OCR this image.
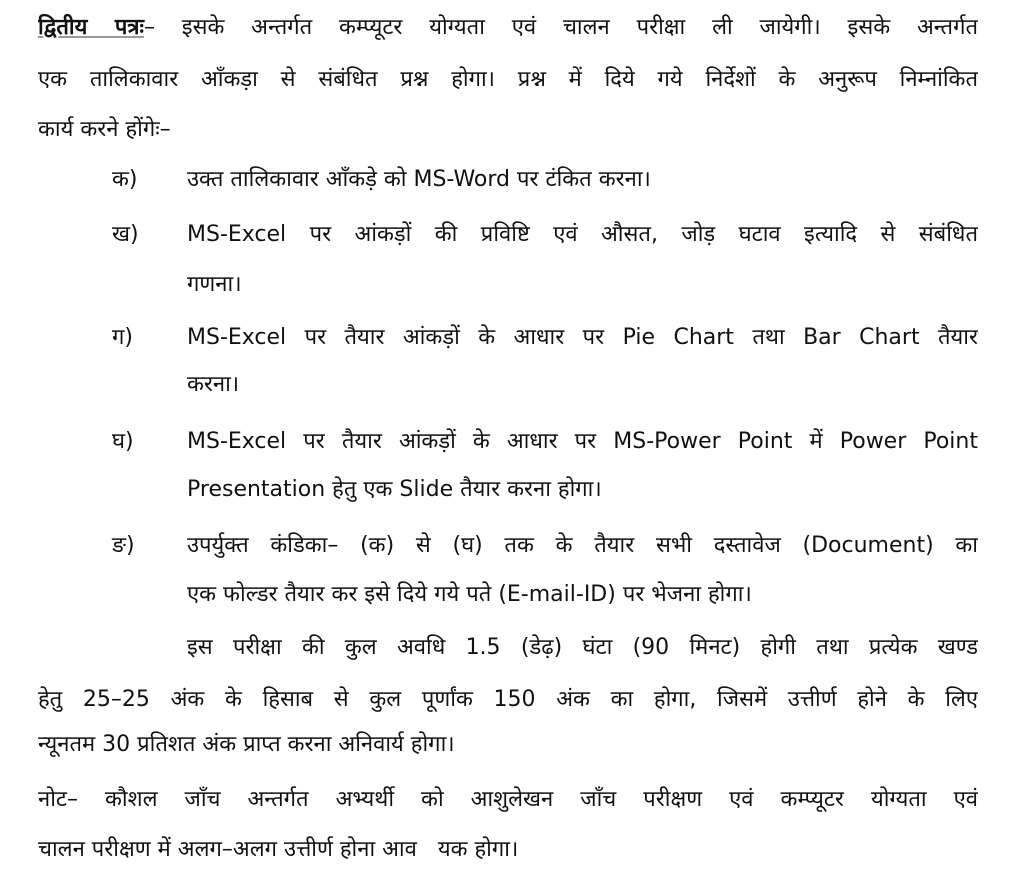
द्वितीय पत्रः– इसके अन्तर्गत कम्प्यूटर योग्यता एवं चालन परीक्षा ली जायेगी। इसके अन्तर्गत
एक तालिकावार आँकड़ा से संबंधित प्रश्न होगा। प्रश्न में दिये गये निर्देशों के अनुरूप निम्नांकित
कार्य करने होंगेः–
क) उक्त तालिकावार आँकड़े को MS-Word पर टंकित करना।
ख) MS-Excel पर आंकड़ों की प्रविष्टि एवं औसत, जोड़ घटाव इत्यादि से संबंधित
गणना।
ग) MS-Excel पर तैयार आंकड़ों के आधार पर Pie Chart तथा Bar Chart तैयार
करना।
घ) MS-Excel पर तैयार आंकड़ों के आधार पर MS-Power Point में Power Point
Presentation हेतु एक Slide तैयार करना होगा।
ङ) उपर्युक्त कंडिका– (क) से (घ) तक के तैयार सभी दस्तावेज (Document) का
एक फोल्डर तैयार कर इसे दिये गये पते (E-mail-ID) पर भेजना होगा।
इस परीक्षा की कुल अवधि 1.5 (डेढ़) घंटा (90 मिनट) होगी तथा प्रत्येक खण्ड
हेतु 25–25 अंक के हिसाब से कुल पूर्णांक 150 अंक का होगा, जिसमें उत्तीर्ण होने के लिए
न्यूनतम 30 प्रतिशत अंक प्राप्त करना अनिवार्य होगा।
नोट– कौशल जाँच अन्तर्गत अभ्यर्थी को आशुलेखन जाँच परीक्षण एवं कम्प्यूटर योग्यता एवं
चालन परीक्षण में अलग–अलग उत्तीर्ण होना आव   यक होगा।
